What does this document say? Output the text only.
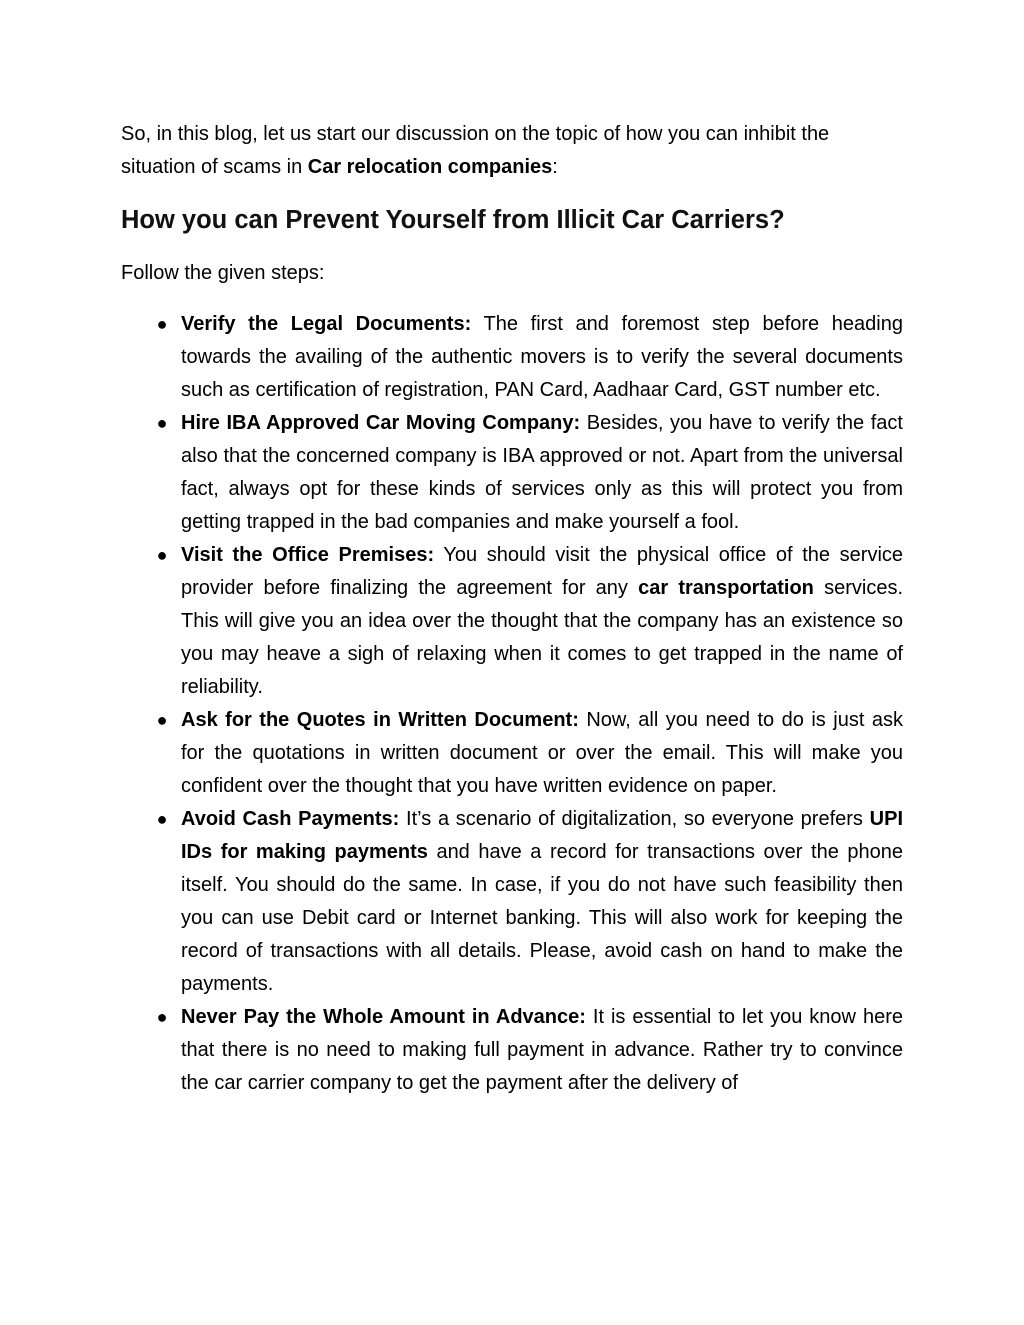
So, in this blog, let us start our discussion on the topic of how you can inhibit the situation of scams in Car relocation companies:

How you can Prevent Yourself from Illicit Car Carriers?

Follow the given steps:

● Verify the Legal Documents: The first and foremost step before heading towards the availing of the authentic movers is to verify the several documents such as certification of registration, PAN Card, Aadhaar Card, GST number etc.
● Hire IBA Approved Car Moving Company: Besides, you have to verify the fact also that the concerned company is IBA approved or not. Apart from the universal fact, always opt for these kinds of services only as this will protect you from getting trapped in the bad companies and make yourself a fool.
● Visit the Office Premises: You should visit the physical office of the service provider before finalizing the agreement for any car transportation services. This will give you an idea over the thought that the company has an existence so you may heave a sigh of relaxing when it comes to get trapped in the name of reliability.
● Ask for the Quotes in Written Document: Now, all you need to do is just ask for the quotations in written document or over the email. This will make you confident over the thought that you have written evidence on paper.
● Avoid Cash Payments: It’s a scenario of digitalization, so everyone prefers UPI IDs for making payments and have a record for transactions over the phone itself. You should do the same. In case, if you do not have such feasibility then you can use Debit card or Internet banking. This will also work for keeping the record of transactions with all details. Please, avoid cash on hand to make the payments.
● Never Pay the Whole Amount in Advance: It is essential to let you know here that there is no need to making full payment in advance. Rather try to convince the car carrier company to get the payment after the delivery of
